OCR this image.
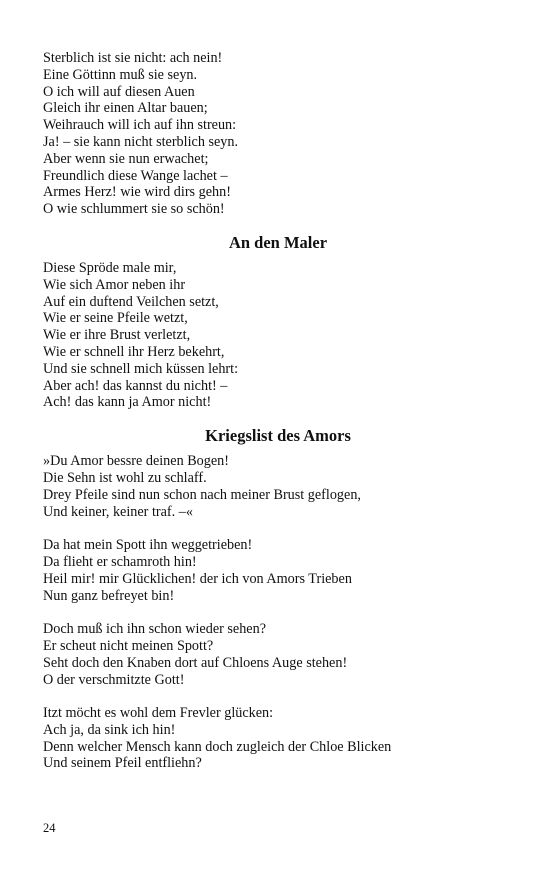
Sterblich ist sie nicht: ach nein!
Eine Göttinn muß sie seyn.
O ich will auf diesen Auen
Gleich ihr einen Altar bauen;
Weihrauch will ich auf ihn streun:
Ja! – sie kann nicht sterblich seyn.
Aber wenn sie nun erwachet;
Freundlich diese Wange lachet –
Armes Herz! wie wird dirs gehn!
O wie schlummert sie so schön!
An den Maler
Diese Spröde male mir,
Wie sich Amor neben ihr
Auf ein duftend Veilchen setzt,
Wie er seine Pfeile wetzt,
Wie er ihre Brust verletzt,
Wie er schnell ihr Herz bekehrt,
Und sie schnell mich küssen lehrt:
Aber ach! das kannst du nicht! –
Ach! das kann ja Amor nicht!
Kriegslist des Amors
»Du Amor bessre deinen Bogen!
Die Sehn ist wohl zu schlaff.
Drey Pfeile sind nun schon nach meiner Brust geflogen,
Und keiner, keiner traf. –«
Da hat mein Spott ihn weggetrieben!
Da flieht er schamroth hin!
Heil mir! mir Glücklichen! der ich von Amors Trieben
Nun ganz befreyet bin!
Doch muß ich ihn schon wieder sehen?
Er scheut nicht meinen Spott?
Seht doch den Knaben dort auf Chloens Auge stehen!
O der verschmitzte Gott!
Itzt möcht es wohl dem Frevler glücken:
Ach ja, da sink ich hin!
Denn welcher Mensch kann doch zugleich der Chloe Blicken
Und seinem Pfeil entfliehn?
24
